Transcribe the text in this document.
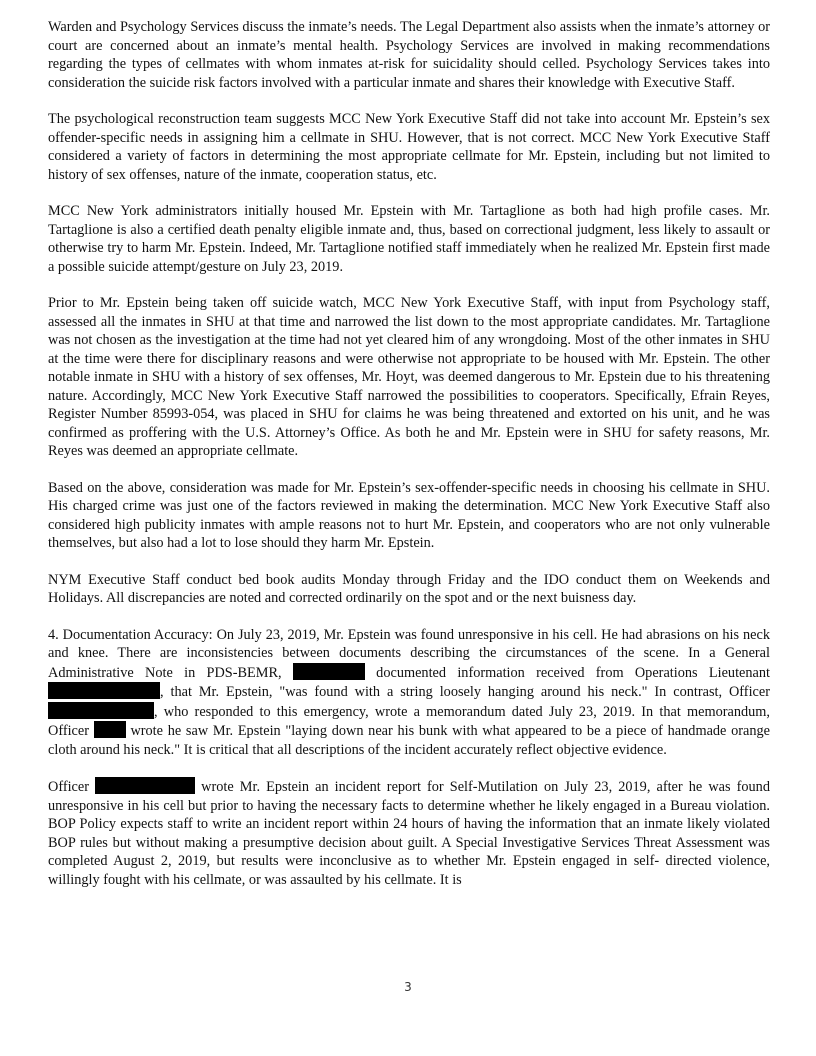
Warden and Psychology Services discuss the inmate’s needs. The Legal Department also assists when the inmate’s attorney or court are concerned about an inmate’s mental health. Psychology Services are involved in making recommendations regarding the types of cellmates with whom inmates at-risk for suicidality should celled. Psychology Services takes into consideration the suicide risk factors involved with a particular inmate and shares their knowledge with Executive Staff.

The psychological reconstruction team suggests MCC New York Executive Staff did not take into account Mr. Epstein’s sex offender-specific needs in assigning him a cellmate in SHU. However, that is not correct. MCC New York Executive Staff considered a variety of factors in determining the most appropriate cellmate for Mr. Epstein, including but not limited to history of sex offenses, nature of the inmate, cooperation status, etc.

MCC New York administrators initially housed Mr. Epstein with Mr. Tartaglione as both had high profile cases. Mr. Tartaglione is also a certified death penalty eligible inmate and, thus, based on correctional judgment, less likely to assault or otherwise try to harm Mr. Epstein. Indeed, Mr. Tartaglione notified staff immediately when he realized Mr. Epstein first made a possible suicide attempt/gesture on July 23, 2019.

Prior to Mr. Epstein being taken off suicide watch, MCC New York Executive Staff, with input from Psychology staff, assessed all the inmates in SHU at that time and narrowed the list down to the most appropriate candidates. Mr. Tartaglione was not chosen as the investigation at the time had not yet cleared him of any wrongdoing. Most of the other inmates in SHU at the time were there for disciplinary reasons and were otherwise not appropriate to be housed with Mr. Epstein. The other notable inmate in SHU with a history of sex offenses, Mr. Hoyt, was deemed dangerous to Mr. Epstein due to his threatening nature. Accordingly, MCC New York Executive Staff narrowed the possibilities to cooperators. Specifically, Efrain Reyes, Register Number 85993-054, was placed in SHU for claims he was being threatened and extorted on his unit, and he was confirmed as proffering with the U.S. Attorney’s Office. As both he and Mr. Epstein were in SHU for safety reasons, Mr. Reyes was deemed an appropriate cellmate.

Based on the above, consideration was made for Mr. Epstein’s sex-offender-specific needs in choosing his cellmate in SHU. His charged crime was just one of the factors reviewed in making the determination. MCC New York Executive Staff also considered high publicity inmates with ample reasons not to hurt Mr. Epstein, and cooperators who are not only vulnerable themselves, but also had a lot to lose should they harm Mr. Epstein.

NYM Executive Staff conduct bed book audits Monday through Friday and the IDO conduct them on Weekends and Holidays. All discrepancies are noted and corrected ordinarily on the spot and or the next buisness day.

4. Documentation Accuracy: On July 23, 2019, Mr. Epstein was found unresponsive in his cell. He had abrasions on his neck and knee. There are inconsistencies between documents describing the circumstances of the scene. In a General Administrative Note in PDS-BEMR,	documented information received from Operations Lieutenant , that Mr. Epstein, "was found with a string loosely hanging around his neck." In contrast, Officer , who responded to this emergency, wrote a memorandum dated July 23, 2019. In that memorandum, Officer	wrote he saw Mr. Epstein "laying down near his bunk with what appeared to be a piece of handmade orange cloth around his neck." It is critical that all descriptions of the incident accurately reflect objective evidence.

Officer	wrote Mr. Epstein an incident report for Self-Mutilation on July 23, 2019, after he was found unresponsive in his cell but prior to having the necessary facts to determine whether he likely engaged in a Bureau violation. BOP Policy expects staff to write an incident report within 24 hours of having the information that an inmate likely violated BOP rules but without making a presumptive decision about guilt. A Special Investigative Services Threat Assessment was completed August 2, 2019, but results were inconclusive as to whether Mr. Epstein engaged in self- directed violence, willingly fought with his cellmate, or was assaulted by his cellmate. It is

3
